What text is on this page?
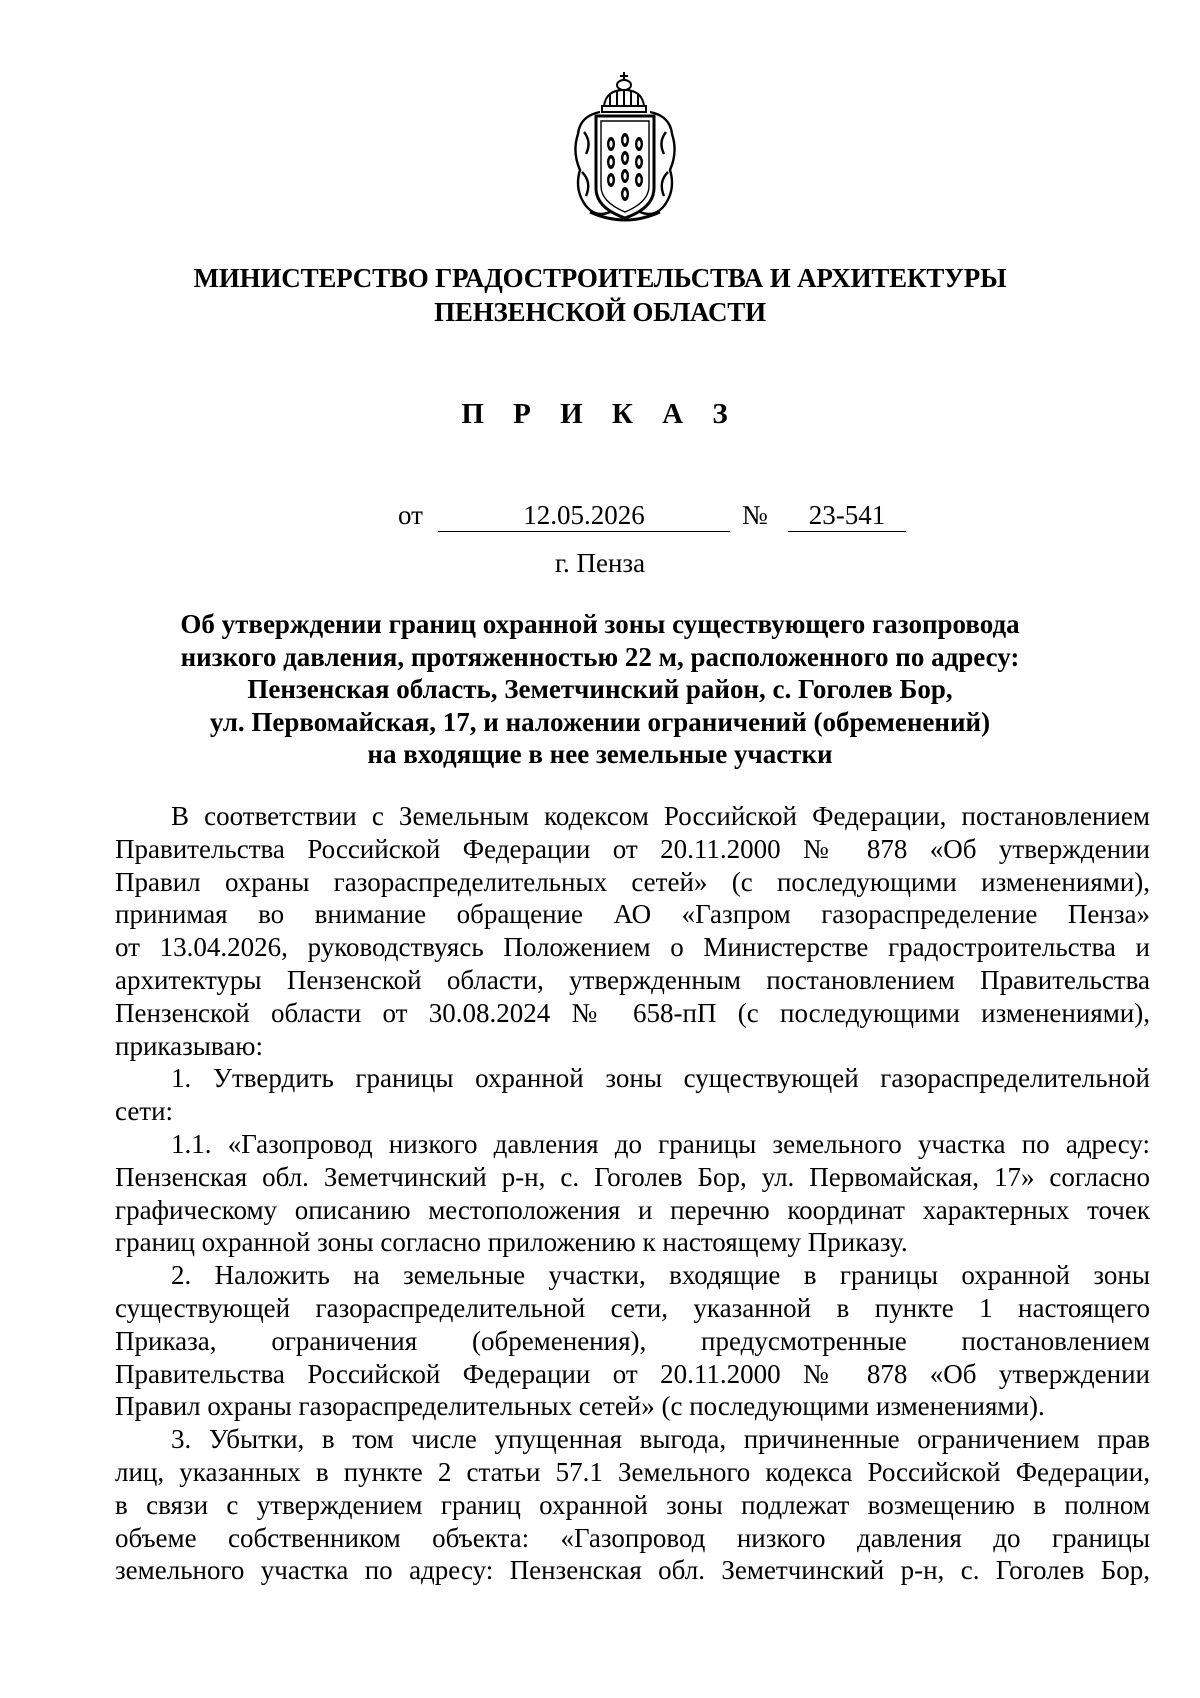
МИНИСТЕРСТВО ГРАДОСТРОИТЕЛЬСТВА И АРХИТЕКТУРЫ
ПЕНЗЕНСКОЙ ОБЛАСТИ
П Р И К А З
от	12.05.2026	№	23-541
г. Пенза
Об утверждении границ охранной зоны существующего газопровода
низкого давления, протяженностью 22 м, расположенного по адресу:
Пензенская область, Земетчинский район, с. Гоголев Бор,
ул. Первомайская, 17, и наложении ограничений (обременений)
на входящие в нее земельные участки
В соответствии с Земельным кодексом Российской Федерации, постановлением
Правительства Российской Федерации от 20.11.2000 № 878 «Об утверждении
Правил охраны газораспределительных сетей» (с последующими изменениями),
принимая во внимание обращение АО «Газпром газораспределение Пенза»
от 13.04.2026, руководствуясь Положением о Министерстве градостроительства и
архитектуры Пензенской области, утвержденным постановлением Правительства
Пензенской области от 30.08.2024 № 658-пП (с последующими изменениями),
приказываю:
1. Утвердить границы охранной зоны существующей газораспределительной
сети:
1.1. «Газопровод низкого давления до границы земельного участка по адресу:
Пензенская обл. Земетчинский р-н, с. Гоголев Бор, ул. Первомайская, 17» согласно
графическому описанию местоположения и перечню координат характерных точек
границ охранной зоны согласно приложению к настоящему Приказу.
2. Наложить на земельные участки, входящие в границы охранной зоны
существующей газораспределительной сети, указанной в пункте 1 настоящего
Приказа, ограничения (обременения), предусмотренные постановлением
Правительства Российской Федерации от 20.11.2000 № 878 «Об утверждении
Правил охраны газораспределительных сетей» (с последующими изменениями).
3. Убытки, в том числе упущенная выгода, причиненные ограничением прав
лиц, указанных в пункте 2 статьи 57.1 Земельного кодекса Российской Федерации,
в связи с утверждением границ охранной зоны подлежат возмещению в полном
объеме собственником объекта: «Газопровод низкого давления до границы
земельного участка по адресу: Пензенская обл. Земетчинский р-н, с. Гоголев Бор,
